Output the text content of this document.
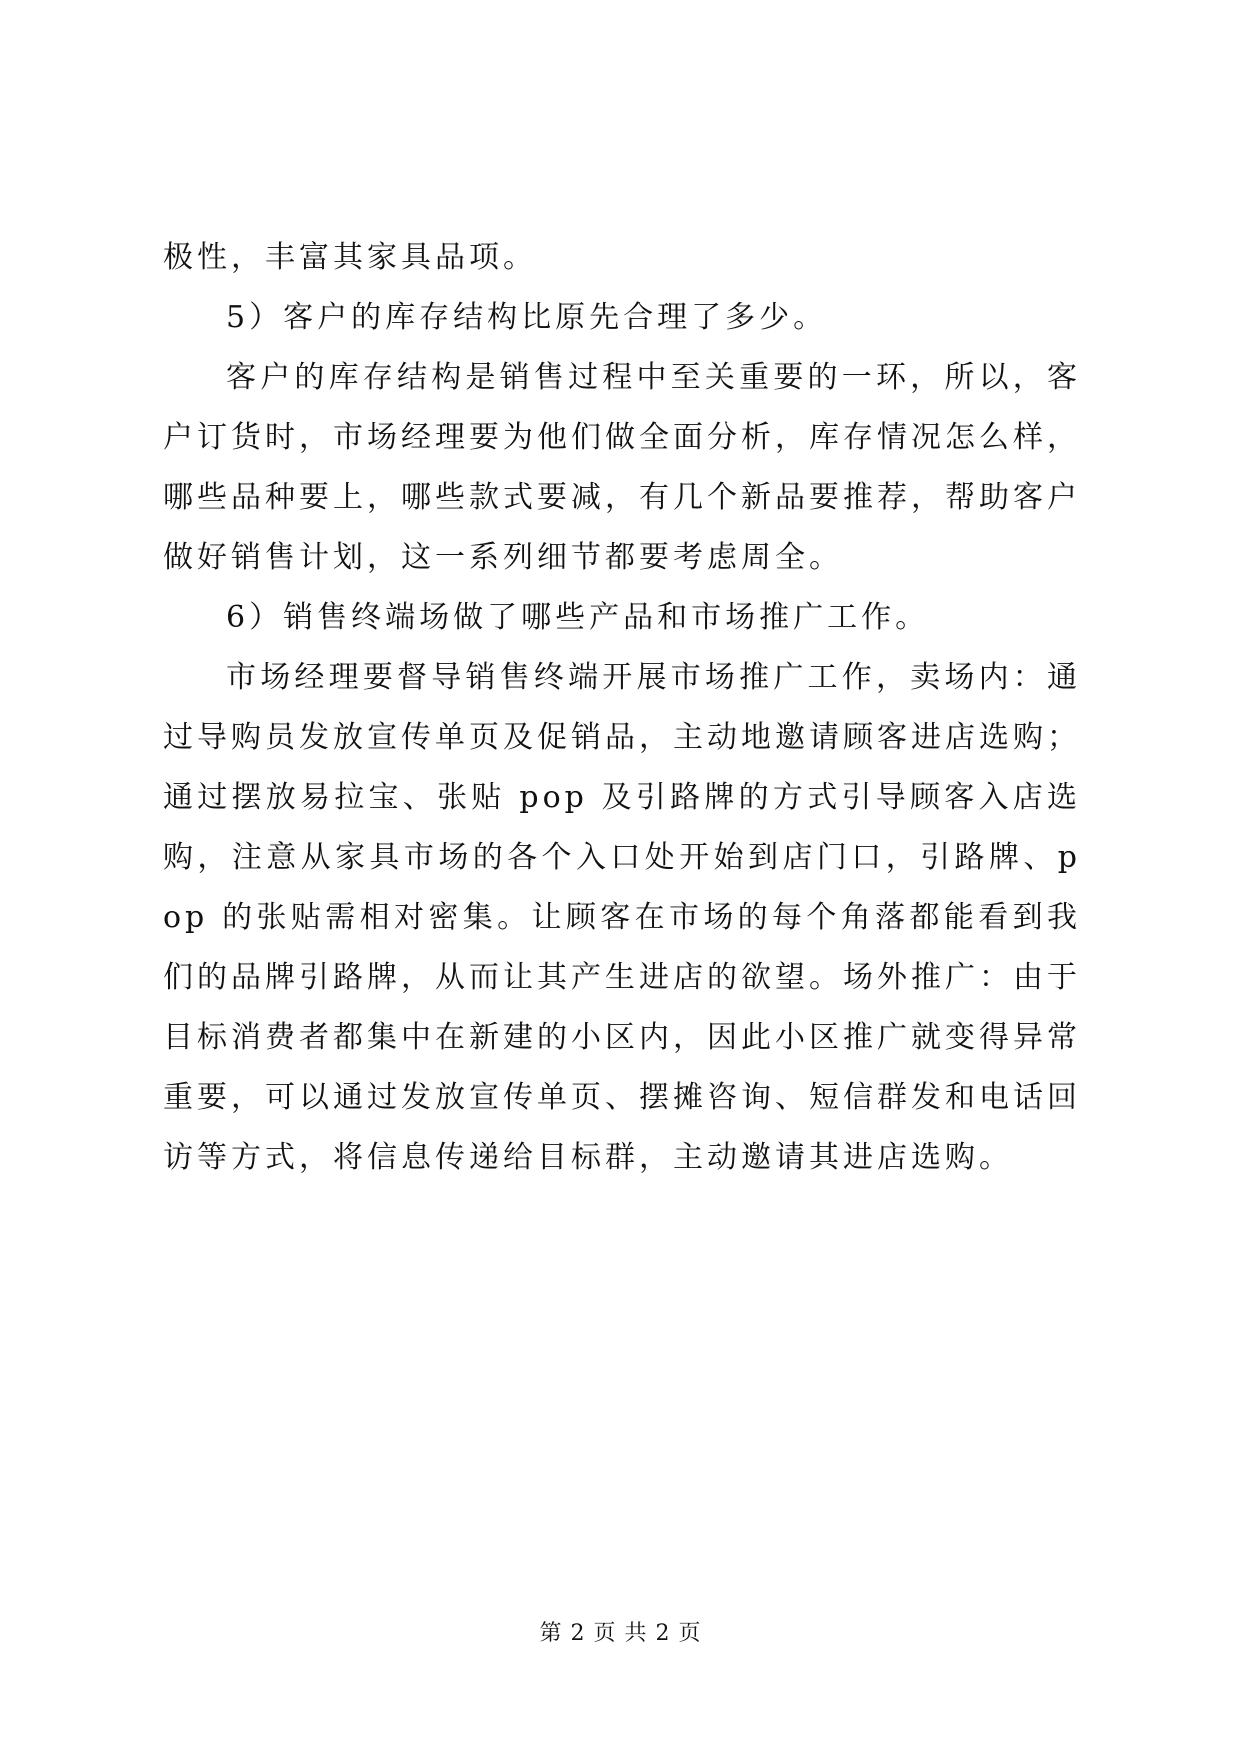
极性，丰富其家具品项。

5）客户的库存结构比原先合理了多少。

客户的库存结构是销售过程中至关重要的一环，所以，客户订货时，市场经理要为他们做全面分析，库存情况怎么样，哪些品种要上，哪些款式要减，有几个新品要推荐，帮助客户做好销售计划，这一系列细节都要考虑周全。

6）销售终端场做了哪些产品和市场推广工作。

市场经理要督导销售终端开展市场推广工作，卖场内：通过导购员发放宣传单页及促销品，主动地邀请顾客进店选购；通过摆放易拉宝、张贴 pop 及引路牌的方式引导顾客入店选购，注意从家具市场的各个入口处开始到店门口，引路牌、pop 的张贴需相对密集。让顾客在市场的每个角落都能看到我们的品牌引路牌，从而让其产生进店的欲望。场外推广：由于目标消费者都集中在新建的小区内，因此小区推广就变得异常重要，可以通过发放宣传单页、摆摊咨询、短信群发和电话回访等方式，将信息传递给目标群，主动邀请其进店选购。

第 2 页 共 2 页
